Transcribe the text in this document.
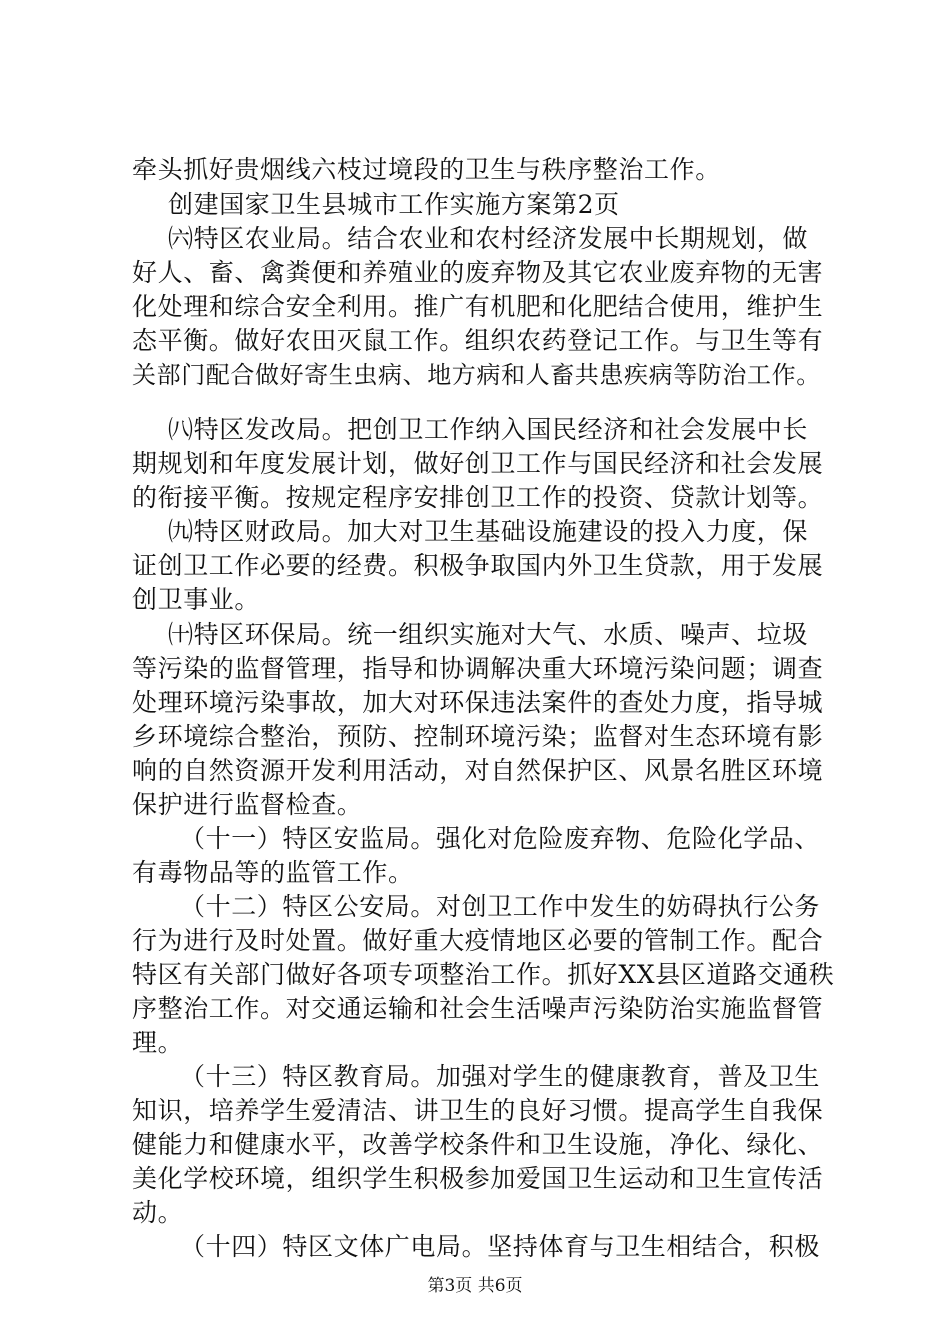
牵头抓好贵烟线六枝过境段的卫生与秩序整治工作。
创建国家卫生县城市工作实施方案第2页
㈥特区农业局。结合农业和农村经济发展中长期规划，做
好人、畜、禽粪便和养殖业的废弃物及其它农业废弃物的无害
化处理和综合安全利用。推广有机肥和化肥结合使用，维护生
态平衡。做好农田灭鼠工作。组织农药登记工作。与卫生等有
关部门配合做好寄生虫病、地方病和人畜共患疾病等防治工作。
㈧特区发改局。把创卫工作纳入国民经济和社会发展中长
期规划和年度发展计划，做好创卫工作与国民经济和社会发展
的衔接平衡。按规定程序安排创卫工作的投资、贷款计划等。
㈨特区财政局。加大对卫生基础设施建设的投入力度，保
证创卫工作必要的经费。积极争取国内外卫生贷款，用于发展
创卫事业。
㈩特区环保局。统一组织实施对大气、水质、噪声、垃圾
等污染的监督管理，指导和协调解决重大环境污染问题；调查
处理环境污染事故，加大对环保违法案件的查处力度，指导城
乡环境综合整治，预防、控制环境污染；监督对生态环境有影
响的自然资源开发利用活动，对自然保护区、风景名胜区环境
保护进行监督检查。
（十一）特区安监局。强化对危险废弃物、危险化学品、
有毒物品等的监管工作。
（十二）特区公安局。对创卫工作中发生的妨碍执行公务
行为进行及时处置。做好重大疫情地区必要的管制工作。配合
特区有关部门做好各项专项整治工作。抓好XX县区道路交通秩
序整治工作。对交通运输和社会生活噪声污染防治实施监督管
理。
（十三）特区教育局。加强对学生的健康教育，普及卫生
知识，培养学生爱清洁、讲卫生的良好习惯。提高学生自我保
健能力和健康水平，改善学校条件和卫生设施，净化、绿化、
美化学校环境，组织学生积极参加爱国卫生运动和卫生宣传活
动。
（十四）特区文体广电局。坚持体育与卫生相结合，积极
第3页 共6页
